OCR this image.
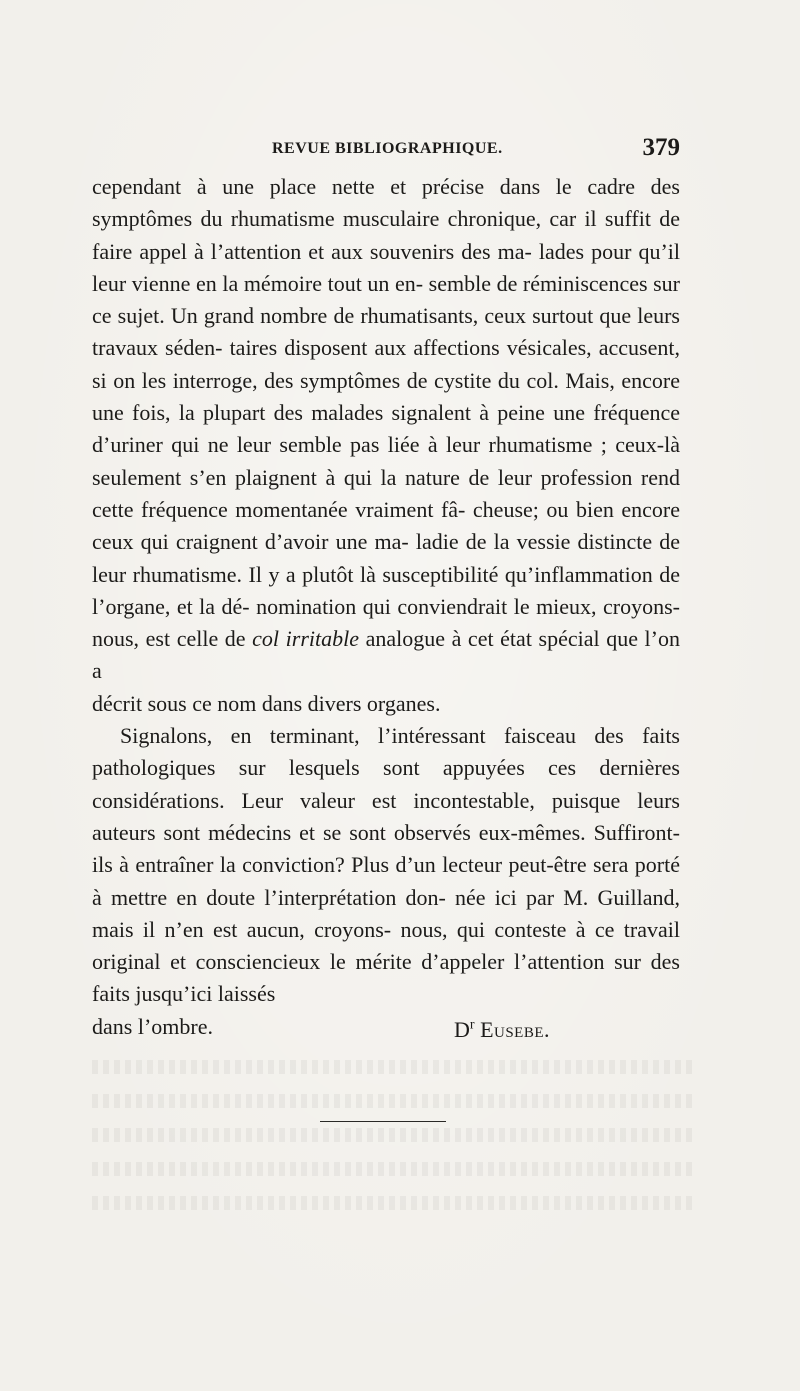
REVUE BIBLIOGRAPHIQUE.	379

cependant à une place nette et précise dans le cadre des symptômes du rhumatisme musculaire chronique, car il suffit de faire appel à l’attention et aux souvenirs des ma- lades pour qu’il leur vienne en la mémoire tout un en- semble de réminiscences sur ce sujet. Un grand nombre de rhumatisants, ceux surtout que leurs travaux séden- taires disposent aux affections vésicales, accusent, si on les interroge, des symptômes de cystite du col. Mais, encore une fois, la plupart des malades signalent à peine une fréquence d’uriner qui ne leur semble pas liée à leur rhumatisme ; ceux-là seulement s’en plaignent à qui la nature de leur profession rend cette fréquence momentanée vraiment fâ- cheuse; ou bien encore ceux qui craignent d’avoir une ma- ladie de la vessie distincte de leur rhumatisme. Il y a plutôt là susceptibilité qu’inflammation de l’organe, et la dé- nomination qui conviendrait le mieux, croyons-nous, est celle de col irritable analogue à cet état spécial que l’on a

décrit sous ce nom dans divers organes.

Signalons, en terminant, l’intéressant faisceau des faits pathologiques sur lesquels sont appuyées ces dernières considérations. Leur valeur est incontestable, puisque leurs auteurs sont médecins et se sont observés eux-mêmes. Suffiront-ils à entraîner la conviction? Plus d’un lecteur peut-être sera porté à mettre en doute l’interprétation don- née ici par M. Guilland, mais il n’en est aucun, croyons- nous, qui conteste à ce travail original et consciencieux le mérite d’appeler l’attention sur des faits jusqu’ici laissés

dans l’ombre.	$D^r$ Eusebe.
